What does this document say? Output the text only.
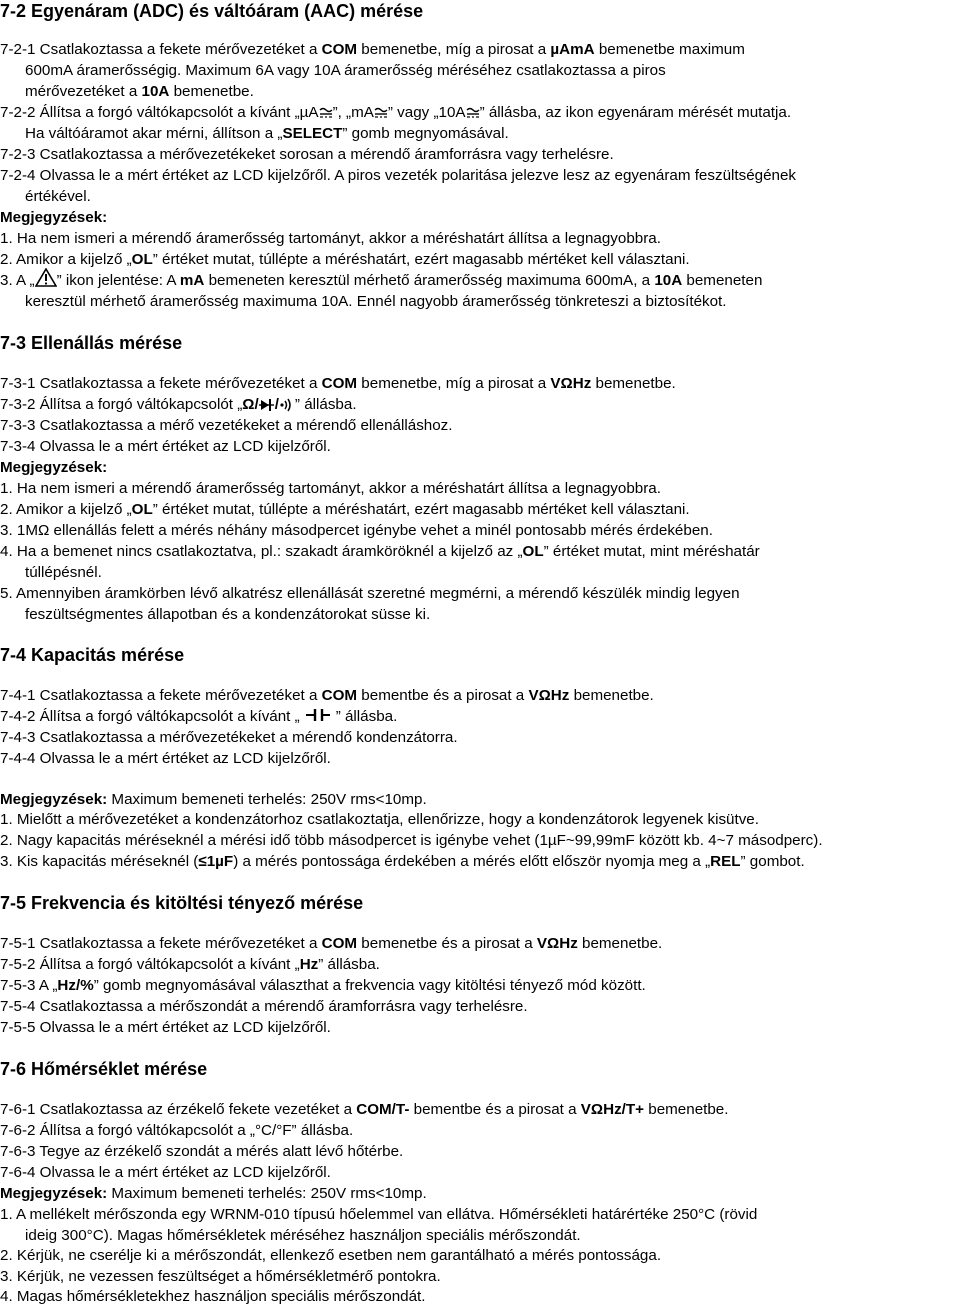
7-2 Egyenáram (ADC) és váltóáram (AAC) mérése
7-2-1 Csatlakoztassa a fekete mérővezetéket a COM bemenetbe, míg a pirosat a µAmA bemenetbe maximum
600mA áramerősségig. Maximum 6A vagy 10A áramerősség méréséhez csatlakoztassa a piros
mérővezetéket a 10A bemenetbe.
7-2-2 Állítsa a forgó váltókapcsolót a kívánt „µA ”, „mA ” vagy „10A ” állásba, az ikon egyenáram mérését mutatja.
Ha váltóáramot akar mérni, állítson a „SELECT” gomb megnyomásával.
7-2-3 Csatlakoztassa a mérővezetékeket sorosan a mérendő áramforrásra vagy terhelésre.
7-2-4 Olvassa le a mért értéket az LCD kijelzőről. A piros vezeték polaritása jelezve lesz az egyenáram feszültségének
értékével.
Megjegyzések:
1. Ha nem ismeri a mérendő áramerősség tartományt, akkor a méréshatárt állítsa a legnagyobbra.
2. Amikor a kijelző „OL” értéket mutat, túllépte a méréshatárt, ezért magasabb mértéket kell választani.
3. A „ ” ikon jelentése: A mA bemeneten keresztül mérhető áramerősség maximuma 600mA, a 10A bemeneten
keresztül mérhető áramerősség maximuma 10A. Ennél nagyobb áramerősség tönkreteszi a biztosítékot.
7-3 Ellenállás mérése
7-3-1 Csatlakoztassa a fekete mérővezetéket a COM bemenetbe, míg a pirosat a VΩHz bemenetbe.
7-3-2 Állítsa a forgó váltókapcsolót „Ω/ / ” állásba.
7-3-3 Csatlakoztassa a mérő vezetékeket a mérendő ellenálláshoz.
7-3-4 Olvassa le a mért értéket az LCD kijelzőről.
Megjegyzések:
1. Ha nem ismeri a mérendő áramerősség tartományt, akkor a méréshatárt állítsa a legnagyobbra.
2. Amikor a kijelző „OL” értéket mutat, túllépte a méréshatárt, ezért magasabb mértéket kell választani.
3. 1MΩ ellenállás felett a mérés néhány másodpercet igénybe vehet a minél pontosabb mérés érdekében.
4. Ha a bemenet nincs csatlakoztatva, pl.: szakadt áramköröknél a kijelző az „OL” értéket mutat, mint méréshatár
túllépésnél.
5. Amennyiben áramkörben lévő alkatrész ellenállását szeretné megmérni, a mérendő készülék mindig legyen
feszültségmentes állapotban és a kondenzátorokat süsse ki.
7-4 Kapacitás mérése
7-4-1 Csatlakoztassa a fekete mérővezetéket a COM bementbe és a pirosat a VΩHz bemenetbe.
7-4-2 Állítsa a forgó váltókapcsolót a kívánt „ ” állásba.
7-4-3 Csatlakoztassa a mérővezetékeket a mérendő kondenzátorra.
7-4-4 Olvassa le a mért értéket az LCD kijelzőről.
Megjegyzések: Maximum bemeneti terhelés: 250V rms<10mp.
1. Mielőtt a mérővezetéket a kondenzátorhoz csatlakoztatja, ellenőrizze, hogy a kondenzátorok legyenek kisütve.
2. Nagy kapacitás méréseknél a mérési idő több másodpercet is igénybe vehet (1µF~99,99mF között kb. 4~7 másodperc).
3. Kis kapacitás méréseknél (≤1µF) a mérés pontossága érdekében a mérés előtt először nyomja meg a „REL” gombot.
7-5 Frekvencia és kitöltési tényező mérése
7-5-1 Csatlakoztassa a fekete mérővezetéket a COM bemenetbe és a pirosat a VΩHz bemenetbe.
7-5-2 Állítsa a forgó váltókapcsolót a kívánt „Hz” állásba.
7-5-3 A „Hz/%” gomb megnyomásával választhat a frekvencia vagy kitöltési tényező mód között.
7-5-4 Csatlakoztassa a mérőszondát a mérendő áramforrásra vagy terhelésre.
7-5-5 Olvassa le a mért értéket az LCD kijelzőről.
7-6 Hőmérséklet mérése
7-6-1 Csatlakoztassa az érzékelő fekete vezetéket a COM/T- bementbe és a pirosat a VΩHz/T+ bemenetbe.
7-6-2 Állítsa a forgó váltókapcsolót a „°C/°F” állásba.
7-6-3 Tegye az érzékelő szondát a mérés alatt lévő hőtérbe.
7-6-4 Olvassa le a mért értéket az LCD kijelzőről.
Megjegyzések: Maximum bemeneti terhelés: 250V rms<10mp.
1. A mellékelt mérőszonda egy WRNM-010 típusú hőelemmel van ellátva. Hőmérsékleti határértéke 250°C (rövid
ideig 300°C). Magas hőmérsékletek méréséhez használjon speciális mérőszondát.
2. Kérjük, ne cserélje ki a mérőszondát, ellenkező esetben nem garantálható a mérés pontossága.
3. Kérjük, ne vezessen feszültséget a hőmérsékletmérő pontokra.
4. Magas hőmérsékletekhez használjon speciális mérőszondát.
